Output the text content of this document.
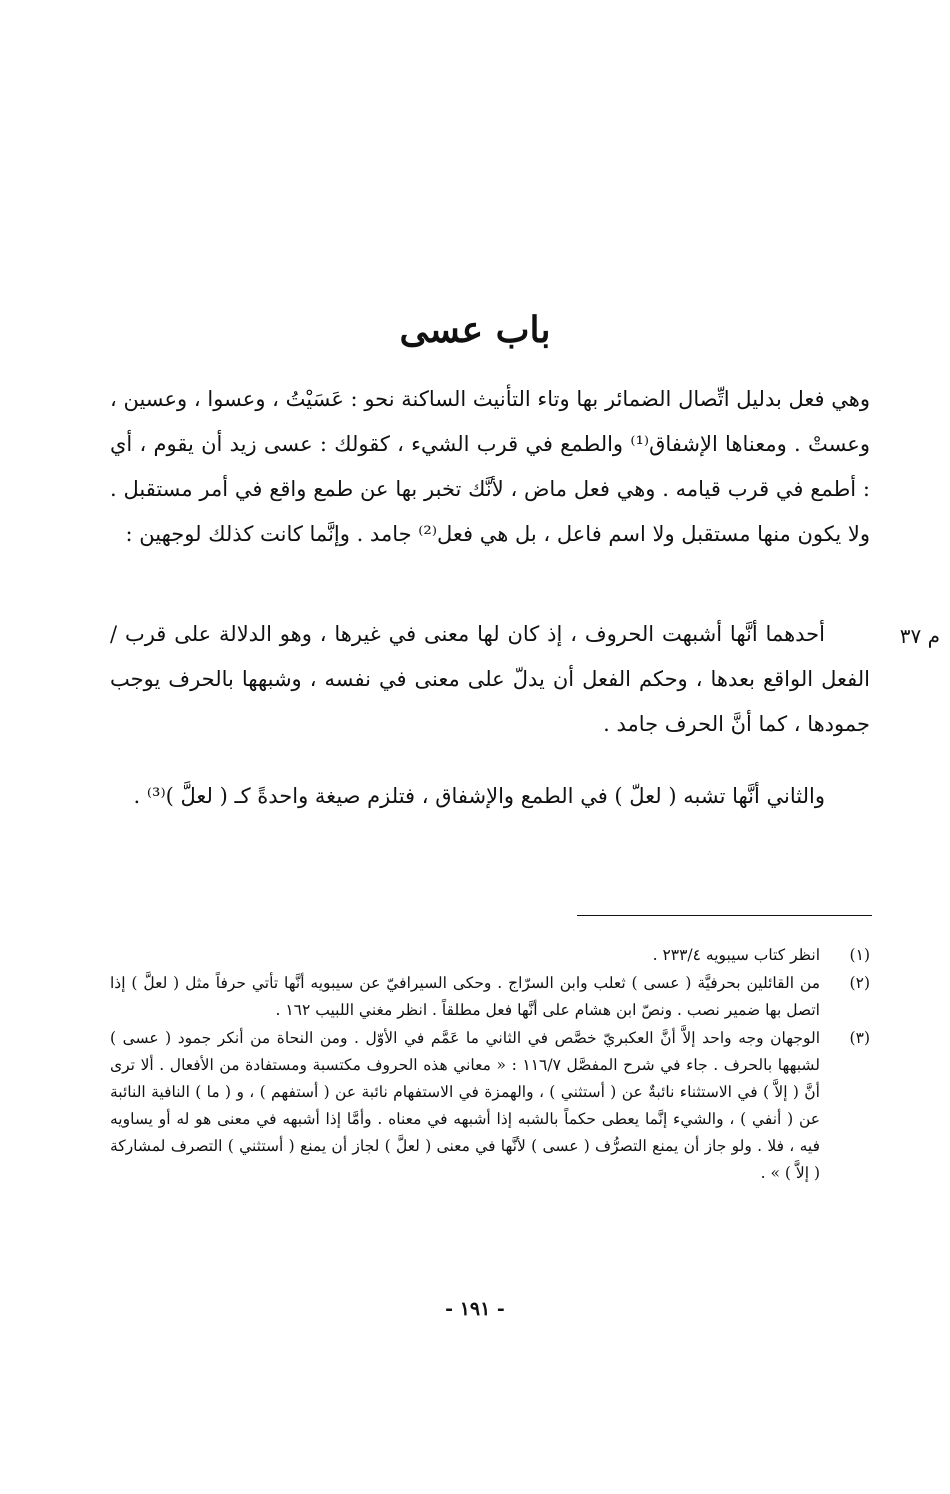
باب عسى

وهي فعل بدليل اتِّصال الضمائر بها وتاء التأنيث الساكنة نحو : عَسَيْتُ ، وعسوا ، وعسين ، وعستْ . ومعناها الإشفاق⁽¹⁾ والطمع في قرب الشيء ، كقولك : عسى زيد أن يقوم ، أي : أطمع في قرب قيامه . وهي فعل ماض ، لأنَّك تخبر بها عن طمع واقع في أمر مستقبل . ولا يكون منها مستقبل ولا اسم فاعل ، بل هي فعل⁽²⁾ جامد . وإنَّما كانت كذلك لوجهين :

م ٣٧

أحدهما أنَّها أشبهت الحروف ، إذ كان لها معنى في غيرها ، وهو الدلالة على قرب / الفعل الواقع بعدها ، وحكم الفعل أن يدلّ على معنى في نفسه ، وشبهها بالحرف يوجب جمودها ، كما أنَّ الحرف جامد .

والثاني أنَّها تشبه ( لعلّ ) في الطمع والإشفاق ، فتلزم صيغة واحدةً كـ ( لعلَّ )⁽³⁾ .

(١)
انظر كتاب سيبويه ٢٣٣/٤ .
(٢)
من القائلين بحرفيَّة ( عسى ) ثعلب وابن السرّاج . وحكى السيرافيّ عن سيبويه أنَّها تأتي حرفاً مثل ( لعلَّ ) إذا اتصل بها ضمير نصب . ونصّ ابن هشام على أنَّها فعل مطلقاً . انظر مغني اللبيب ١٦٢ .
(٣)
الوجهان وجه واحد إلاَّ أنَّ العكبريّ خصَّص في الثاني ما عَمَّم في الأوّل . ومن النحاة من أنكر جمود ( عسى ) لشبهها بالحرف . جاء في شرح المفصَّل ١١٦/٧ : « معاني هذه الحروف مكتسبة ومستفادة من الأفعال . ألا ترى أنَّ ( إلاَّ ) في الاستثناء نائبةٌ عن ( أستثني ) ، والهمزة في الاستفهام نائبة عن ( أستفهم ) ، و ( ما ) النافية النائبة عن ( أنفي ) ، والشيء إنَّما يعطى حكماً بالشبه إذا أشبهه في معناه . وأمَّا إذا أشبهه في معنى هو له أو يساويه فيه ، فلا . ولو جاز أن يمنع التصرُّف ( عسى ) لأنَّها في معنى ( لعلَّ ) لجاز أن يمنع ( أستثني ) التصرف لمشاركة ( إلاَّ ) » .
- ١٩١ -
